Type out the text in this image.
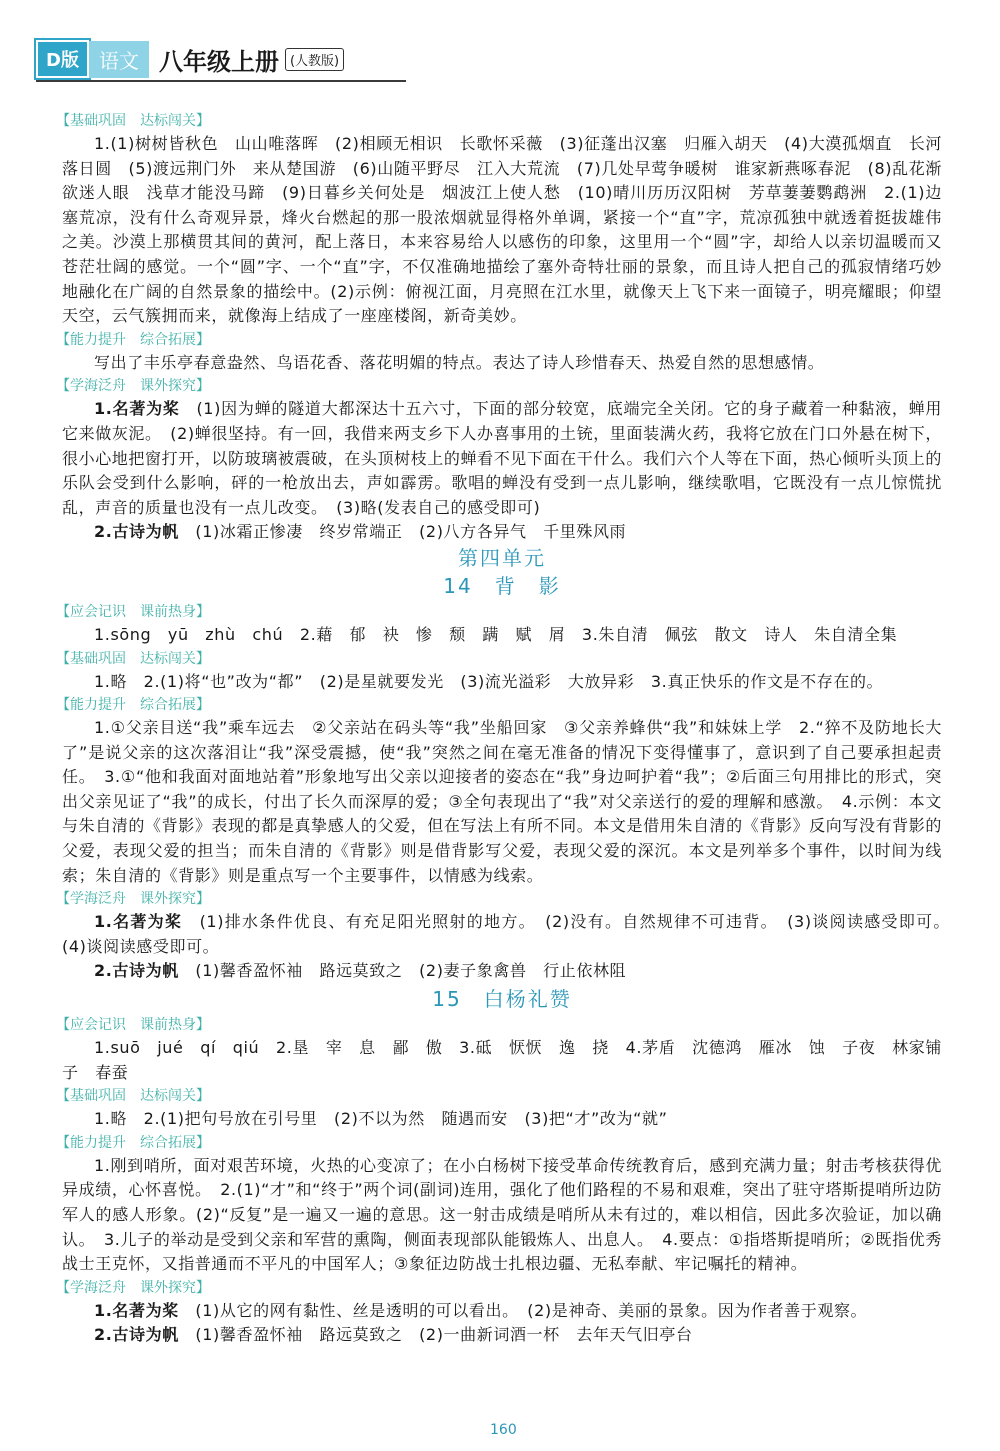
D版	语文 八年级上册 (人教版)
【基础巩固　达标闯关】
1.(1)树树皆秋色　山山唯落晖　(2)相顾无相识　长歌怀采薇　(3)征蓬出汉塞　归雁入胡天　(4)大漠孤烟直　长河落日圆　(5)渡远荆门外　来从楚国游　(6)山随平野尽　江入大荒流　(7)几处早莺争暖树　谁家新燕啄春泥　(8)乱花渐欲迷人眼　浅草才能没马蹄　(9)日暮乡关何处是　烟波江上使人愁　(10)晴川历历汉阳树　芳草萋萋鹦鹉洲　2.(1)边塞荒凉，没有什么奇观异景，烽火台燃起的那一股浓烟就显得格外单调，紧接一个“直”字，荒凉孤独中就透着挺拔雄伟之美。沙漠上那横贯其间的黄河，配上落日，本来容易给人以感伤的印象，这里用一个“圆”字，却给人以亲切温暖而又苍茫壮阔的感觉。一个“圆”字、一个“直”字，不仅准确地描绘了塞外奇特壮丽的景象，而且诗人把自己的孤寂情绪巧妙地融化在广阔的自然景象的描绘中。(2)示例：俯视江面，月亮照在江水里，就像天上飞下来一面镜子，明亮耀眼；仰望天空，云气簇拥而来，就像海上结成了一座座楼阁，新奇美妙。
【能力提升　综合拓展】
写出了丰乐亭春意盎然、鸟语花香、落花明媚的特点。表达了诗人珍惜春天、热爱自然的思想感情。
【学海泛舟　课外探究】
1.名著为桨　 (1)因为蝉的隧道大都深达十五六寸，下面的部分较宽，底端完全关闭。它的身子藏着一种黏液，蝉用它来做灰泥。　(2)蝉很坚持。有一回，我借来两支乡下人办喜事用的土铳，里面装满火药，我将它放在门口外悬在树下，很小心地把窗打开，以防玻璃被震破，在头顶树枝上的蝉看不见下面在干什么。我们六个人等在下面，热心倾听头顶上的乐队会受到什么影响，砰的一枪放出去，声如霹雳。歌唱的蝉没有受到一点儿影响，继续歌唱，它既没有一点儿惊慌扰乱，声音的质量也没有一点儿改变。　(3)略(发表自己的感受即可)
2.古诗为帆　 (1)冰霜正惨凄　终岁常端正　(2)八方各异气　千里殊风雨
第四单元
14　背　影
【应会记识　课前热身】
1.sōng　yū　zhù　chú　2.藉　郁　袂　惨　颓　蹒　赋　屑　3.朱自清　佩弦　散文　诗人　朱自清全集
【基础巩固　达标闯关】
1.略　2.(1)将“也”改为“都”　(2)是星就要发光　(3)流光溢彩　大放异彩　3.真正快乐的作文是不存在的。
【能力提升　综合拓展】
1.①父亲目送“我”乘车远去　②父亲站在码头等“我”坐船回家　③父亲养蜂供“我”和妹妹上学　2.“猝不及防地长大了”是说父亲的这次落泪让“我”深受震撼，使“我”突然之间在毫无准备的情况下变得懂事了，意识到了自己要承担起责任。　3.①“他和我面对面地站着”形象地写出父亲以迎接者的姿态在“我”身边呵护着“我”；②后面三句用排比的形式，突出父亲见证了“我”的成长，付出了长久而深厚的爱；③全句表现出了“我”对父亲送行的爱的理解和感激。　4.示例：本文与朱自清的《背影》表现的都是真挚感人的父爱，但在写法上有所不同。本文是借用朱自清的《背影》反向写没有背影的父爱，表现父爱的担当；而朱自清的《背影》则是借背影写父爱，表现父爱的深沉。本文是列举多个事件，以时间为线索；朱自清的《背影》则是重点写一个主要事件，以情感为线索。
【学海泛舟　课外探究】
1.名著为桨　 (1)排水条件优良、有充足阳光照射的地方。　(2)没有。自然规律不可违背。　(3)谈阅读感受即可。　(4)谈阅读感受即可。
2.古诗为帆　 (1)馨香盈怀袖　路远莫致之　(2)妻子象禽兽　行止依林阻
15　白杨礼赞
【应会记识　课前热身】
1.suō　jué　qí　qiú　2.垦　宰　息　鄙　傲　3.砥　恹恹　逸　挠　4.茅盾　沈德鸿　雁冰　蚀　子夜　林家铺子　春蚕
【基础巩固　达标闯关】
1.略　2.(1)把句号放在引号里　(2)不以为然　随遇而安　(3)把“才”改为“就”
【能力提升　综合拓展】
1.刚到哨所，面对艰苦环境，火热的心变凉了；在小白杨树下接受革命传统教育后，感到充满力量；射击考核获得优异成绩，心怀喜悦。　2.(1)“才”和“终于”两个词(副词)连用，强化了他们路程的不易和艰难，突出了驻守塔斯提哨所边防军人的感人形象。(2)“反复”是一遍又一遍的意思。这一射击成绩是哨所从未有过的，难以相信，因此多次验证，加以确认。　3.儿子的举动是受到父亲和军营的熏陶，侧面表现部队能锻炼人、出息人。　4.要点：①指塔斯提哨所；②既指优秀战士王克怀，又指普通而不平凡的中国军人；③象征边防战士扎根边疆、无私奉献、牢记嘱托的精神。
【学海泛舟　课外探究】
1.名著为桨　 (1)从它的网有黏性、丝是透明的可以看出。　(2)是神奇、美丽的景象。因为作者善于观察。
2.古诗为帆　 (1)馨香盈怀袖　路远莫致之　(2)一曲新词酒一杯　去年天气旧亭台
160
